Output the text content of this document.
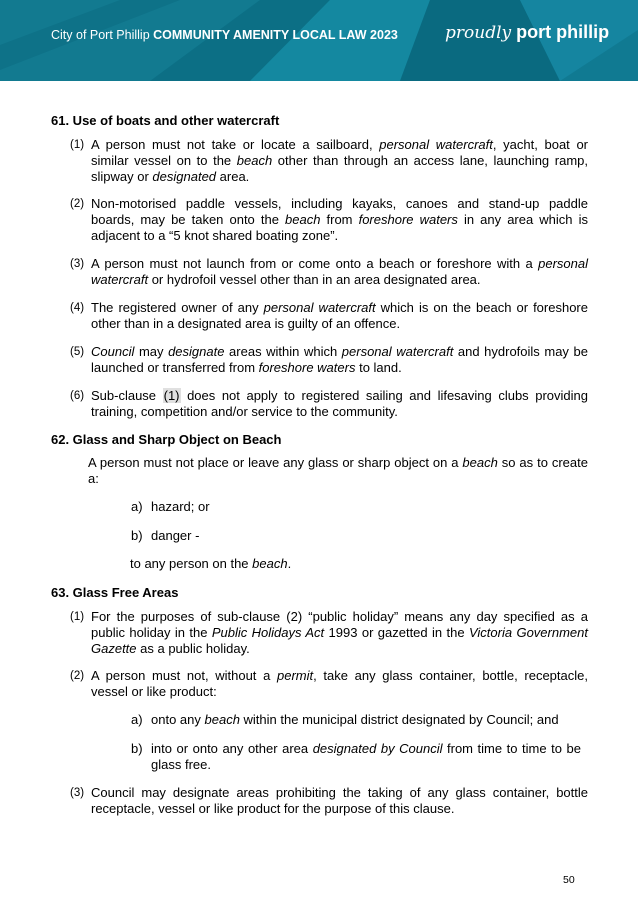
City of Port Phillip COMMUNITY AMENITY LOCAL LAW 2023	proudly port phillip
61. Use of boats and other watercraft
(1) A person must not take or locate a sailboard, personal watercraft, yacht, boat or
similar vessel on to the beach other than through an access lane, launching ramp,
slipway or designated area.
(2) Non-motorised paddle vessels, including kayaks, canoes and stand-up paddle
boards, may be taken onto the beach from foreshore waters in any area which is
adjacent to a “5 knot shared boating zone”.
(3) A person must not launch from or come onto a beach or foreshore with a personal
watercraft or hydrofoil vessel other than in an area designated area.
(4) The registered owner of any personal watercraft which is on the beach or foreshore
other than in a designated area is guilty of an offence.
(5) Council may designate areas within which personal watercraft and hydrofoils may be
launched or transferred from foreshore waters to land.
(6) Sub-clause (1) does not apply to registered sailing and lifesaving clubs providing
training, competition and/or service to the community.
62. Glass and Sharp Object on Beach
A person must not place or leave any glass or sharp object on a beach so as to create
a:
a) hazard; or
b) danger -
to any person on the beach.
63. Glass Free Areas
(1) For the purposes of sub-clause (2) “public holiday” means any day specified as a
public holiday in the Public Holidays Act 1993 or gazetted in the Victoria Government
Gazette as a public holiday.
(2) A person must not, without a permit, take any glass container, bottle, receptacle,
vessel or like product:
a) onto any beach within the municipal district designated by Council; and
b) into or onto any other area designated by Council from time to time to be
glass free.
(3) Council may designate areas prohibiting the taking of any glass container, bottle
receptacle, vessel or like product for the purpose of this clause.
50
